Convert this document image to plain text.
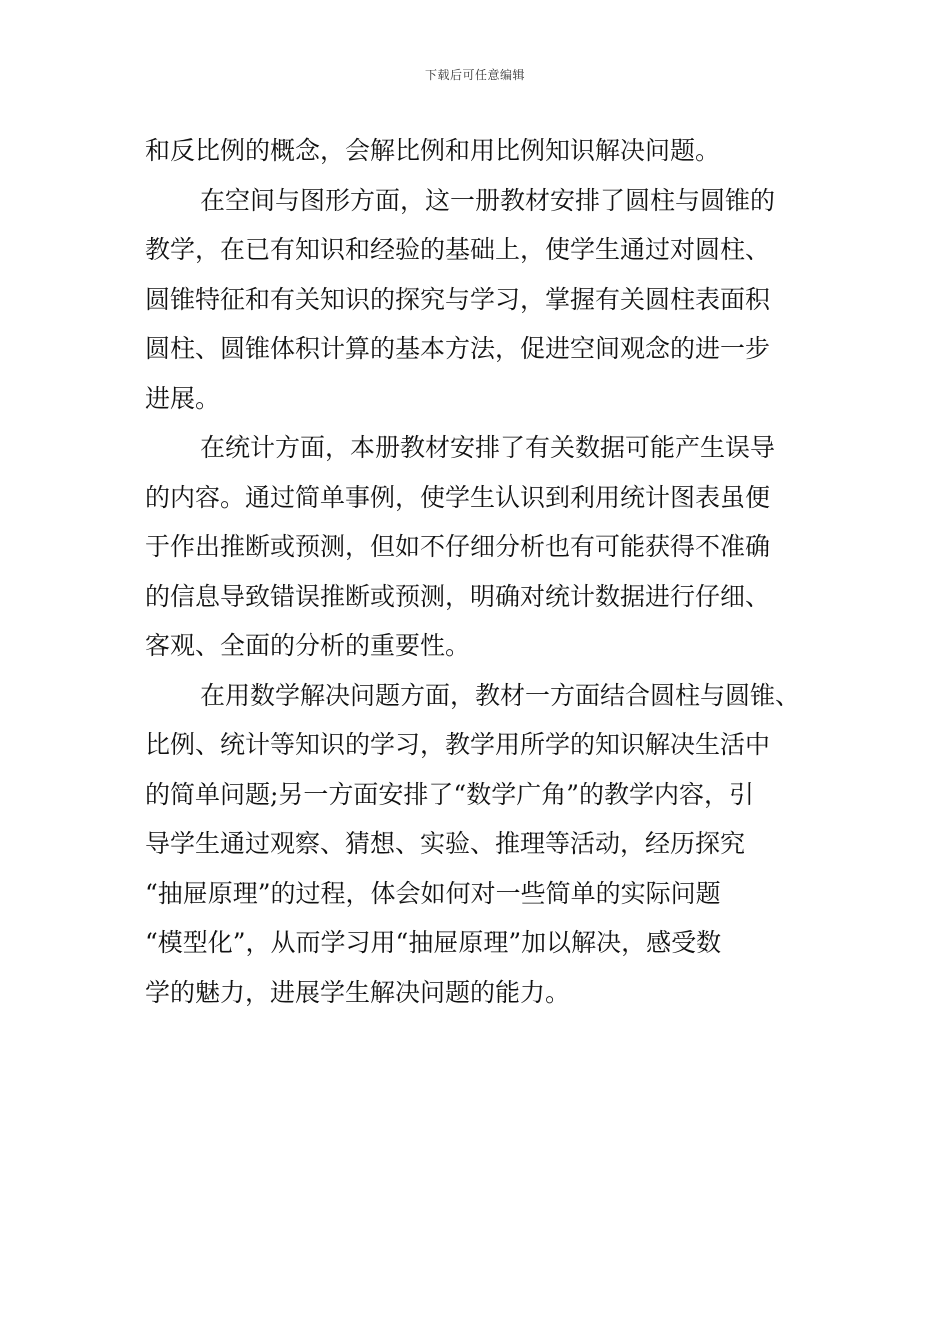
下载后可任意编辑
和反比例的概念，会解比例和用比例知识解决问题。
在空间与图形方面，这一册教材安排了圆柱与圆锥的
教学，在已有知识和经验的基础上，使学生通过对圆柱、
圆锥特征和有关知识的探究与学习，掌握有关圆柱表面积
圆柱、圆锥体积计算的基本方法，促进空间观念的进一步
进展。
在统计方面，本册教材安排了有关数据可能产生误导
的内容。通过简单事例，使学生认识到利用统计图表虽便
于作出推断或预测，但如不仔细分析也有可能获得不准确
的信息导致错误推断或预测，明确对统计数据进行仔细、
客观、全面的分析的重要性。
在用数学解决问题方面，教材一方面结合圆柱与圆锥、
比例、统计等知识的学习，教学用所学的知识解决生活中
的简单问题;另一方面安排了“数学广角”的教学内容，引
导学生通过观察、猜想、实验、推理等活动，经历探究
“抽屉原理”的过程，体会如何对一些简单的实际问题
“模型化”，从而学习用“抽屉原理”加以解决，感受数
学的魅力，进展学生解决问题的能力。
